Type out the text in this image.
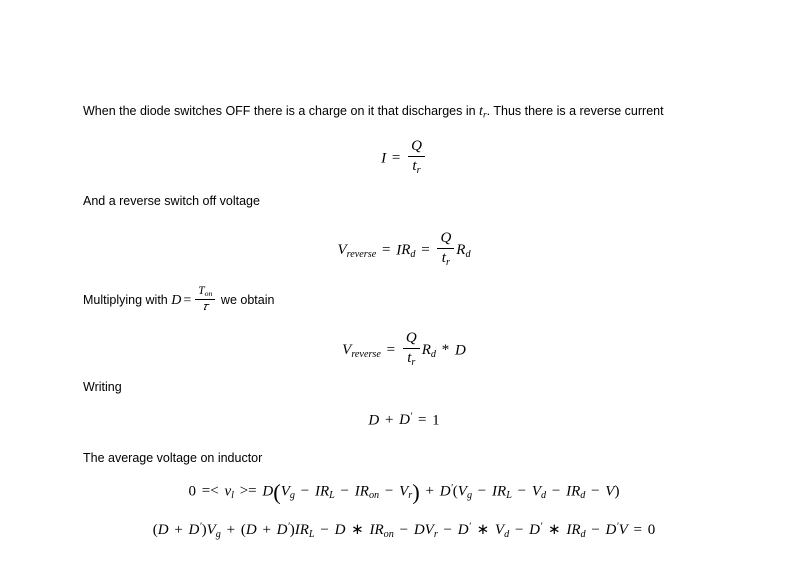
When the diode switches OFF there is a charge on it that discharges in $t_r$. Thus there is a reverse current
$I = \frac{Q}{t_r}$
And a reverse switch off voltage
$V_{reverse} = IR_d = \frac{Q}{t_r} R_d$
Multiplying with $D = \frac{T_{on}}{\text{𝜏}}$ we obtain
$V_{reverse} = \frac{Q}{t_r} R_d * D$
Writing
D + D' = 1
The average voltage on inductor
$0 =< v_l >= D(V_g - IR_L - IR_{on} - V_r) + D'(V_g - IR_L - V_d - IR_d - V)$
$(D + D')V_g + (D + D')IR_L - D$ ∗ $IR_{on} - DV_r - D'$ ∗ $V_d - D'$ ∗ $IR_d - D'V = 0$
